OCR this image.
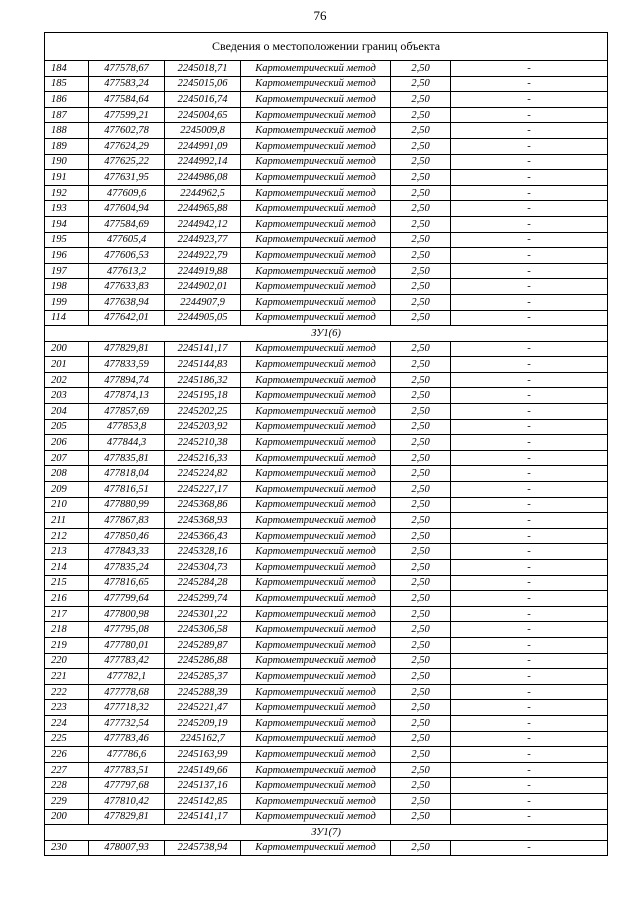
76
Сведения о местоположении границ объекта					
184	477578,67	2245018,71	Картометрический метод	2,50	-
185	477583,24	2245015,06	Картометрический метод	2,50	-
186	477584,64	2245016,74	Картометрический метод	2,50	-
187	477599,21	2245004,65	Картометрический метод	2,50	-
188	477602,78	2245009,8	Картометрический метод	2,50	-
189	477624,29	2244991,09	Картометрический метод	2,50	-
190	477625,22	2244992,14	Картометрический метод	2,50	-
191	477631,95	2244986,08	Картометрический метод	2,50	-
192	477609,6	2244962,5	Картометрический метод	2,50	-
193	477604,94	2244965,88	Картометрический метод	2,50	-
194	477584,69	2244942,12	Картометрический метод	2,50	-
195	477605,4	2244923,77	Картометрический метод	2,50	-
196	477606,53	2244922,79	Картометрический метод	2,50	-
197	477613,2	2244919,88	Картометрический метод	2,50	-
198	477633,83	2244902,01	Картометрический метод	2,50	-
199	477638,94	2244907,9	Картометрический метод	2,50	-
114	477642,01	2244905,05	Картометрический метод	2,50	-
ЗУ1(6)					
200	477829,81	2245141,17	Картометрический метод	2,50	-
201	477833,59	2245144,83	Картометрический метод	2,50	-
202	477894,74	2245186,32	Картометрический метод	2,50	-
203	477874,13	2245195,18	Картометрический метод	2,50	-
204	477857,69	2245202,25	Картометрический метод	2,50	-
205	477853,8	2245203,92	Картометрический метод	2,50	-
206	477844,3	2245210,38	Картометрический метод	2,50	-
207	477835,81	2245216,33	Картометрический метод	2,50	-
208	477818,04	2245224,82	Картометрический метод	2,50	-
209	477816,51	2245227,17	Картометрический метод	2,50	-
210	477880,99	2245368,86	Картометрический метод	2,50	-
211	477867,83	2245368,93	Картометрический метод	2,50	-
212	477850,46	2245366,43	Картометрический метод	2,50	-
213	477843,33	2245328,16	Картометрический метод	2,50	-
214	477835,24	2245304,73	Картометрический метод	2,50	-
215	477816,65	2245284,28	Картометрический метод	2,50	-
216	477799,64	2245299,74	Картометрический метод	2,50	-
217	477800,98	2245301,22	Картометрический метод	2,50	-
218	477795,08	2245306,58	Картометрический метод	2,50	-
219	477780,01	2245289,87	Картометрический метод	2,50	-
220	477783,42	2245286,88	Картометрический метод	2,50	-
221	477782,1	2245285,37	Картометрический метод	2,50	-
222	477778,68	2245288,39	Картометрический метод	2,50	-
223	477718,32	2245221,47	Картометрический метод	2,50	-
224	477732,54	2245209,19	Картометрический метод	2,50	-
225	477783,46	2245162,7	Картометрический метод	2,50	-
226	477786,6	2245163,99	Картометрический метод	2,50	-
227	477783,51	2245149,66	Картометрический метод	2,50	-
228	477797,68	2245137,16	Картометрический метод	2,50	-
229	477810,42	2245142,85	Картометрический метод	2,50	-
200	477829,81	2245141,17	Картометрический метод	2,50	-
ЗУ1(7)					
230	478007,93	2245738,94	Картометрический метод	2,50	-
